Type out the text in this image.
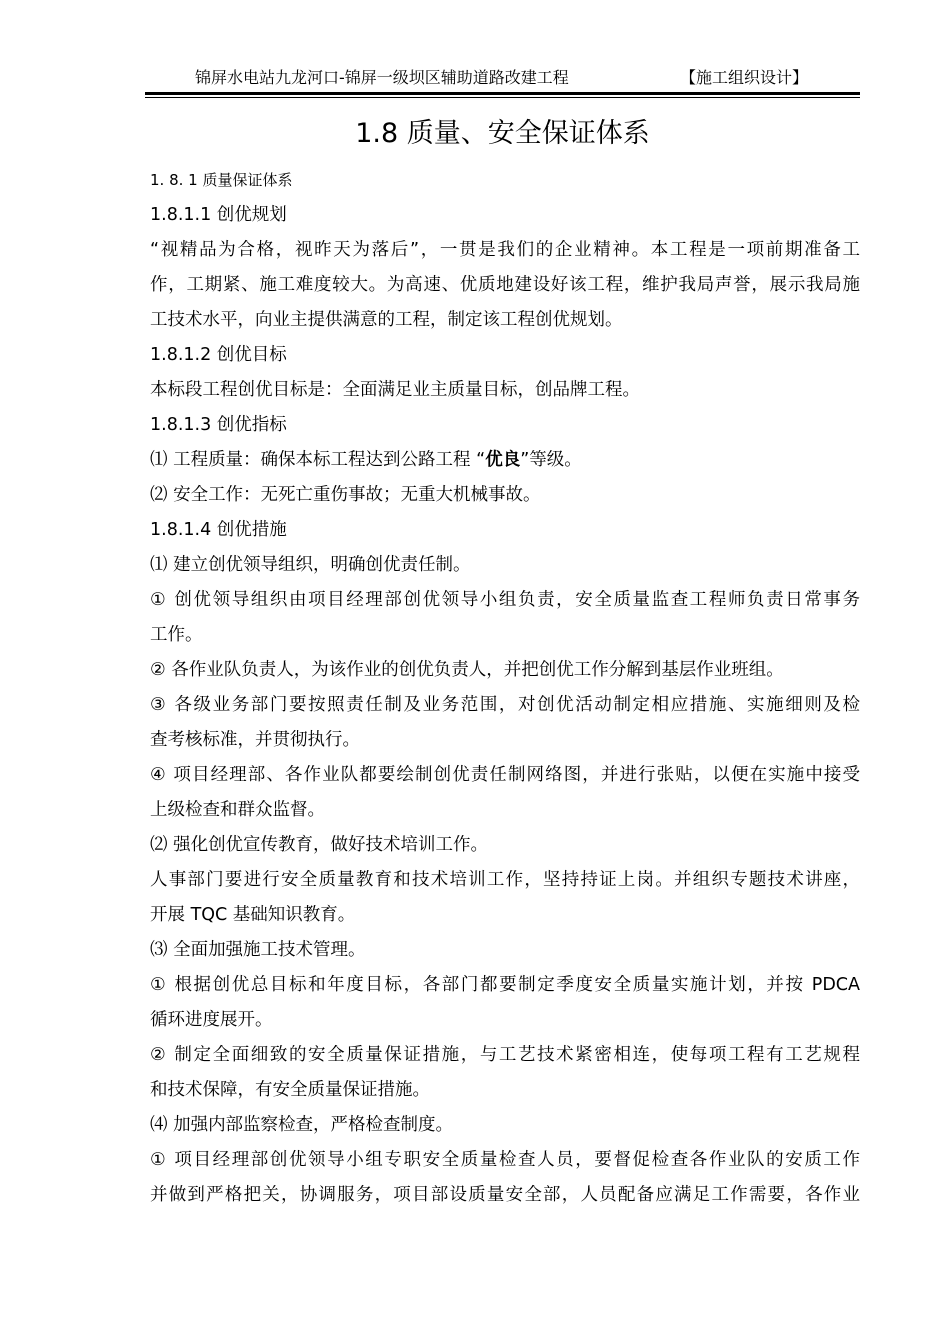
锦屏水电站九龙河口-锦屏一级坝区辅助道路改建工程	【施工组织设计】
1.8 质量、安全保证体系
1. 8. 1 质量保证体系
1.8.1.1 创优规划
“视精品为合格，视昨天为落后”，一贯是我们的企业精神。本工程是一项前期准备工
作，工期紧、施工难度较大。为高速、优质地建设好该工程，维护我局声誉，展示我局施
工技术水平，向业主提供满意的工程，制定该工程创优规划。
1.8.1.2 创优目标
本标段工程创优目标是：全面满足业主质量目标，创品牌工程。
1.8.1.3 创优指标
⑴ 工程质量：确保本标工程达到公路工程 “优良”等级。
⑵ 安全工作：无死亡重伤事故；无重大机械事故。
1.8.1.4 创优措施
⑴ 建立创优领导组织，明确创优责任制。
① 创优领导组织由项目经理部创优领导小组负责，安全质量监查工程师负责日常事务
工作。
② 各作业队负责人，为该作业的创优负责人，并把创优工作分解到基层作业班组。
③ 各级业务部门要按照责任制及业务范围，对创优活动制定相应措施、实施细则及检
查考核标准，并贯彻执行。
④ 项目经理部、各作业队都要绘制创优责任制网络图，并进行张贴，以便在实施中接受
上级检查和群众监督。
⑵ 强化创优宣传教育，做好技术培训工作。
人事部门要进行安全质量教育和技术培训工作，坚持持证上岗。并组织专题技术讲座，
开展 TQC 基础知识教育。
⑶ 全面加强施工技术管理。
① 根据创优总目标和年度目标，各部门都要制定季度安全质量实施计划，并按 PDCA
循环进度展开。
② 制定全面细致的安全质量保证措施，与工艺技术紧密相连，使每项工程有工艺规程
和技术保障，有安全质量保证措施。
⑷ 加强内部监察检查，严格检查制度。
① 项目经理部创优领导小组专职安全质量检查人员，要督促检查各作业队的安质工作
并做到严格把关，协调服务，项目部设质量安全部，人员配备应满足工作需要，各作业
